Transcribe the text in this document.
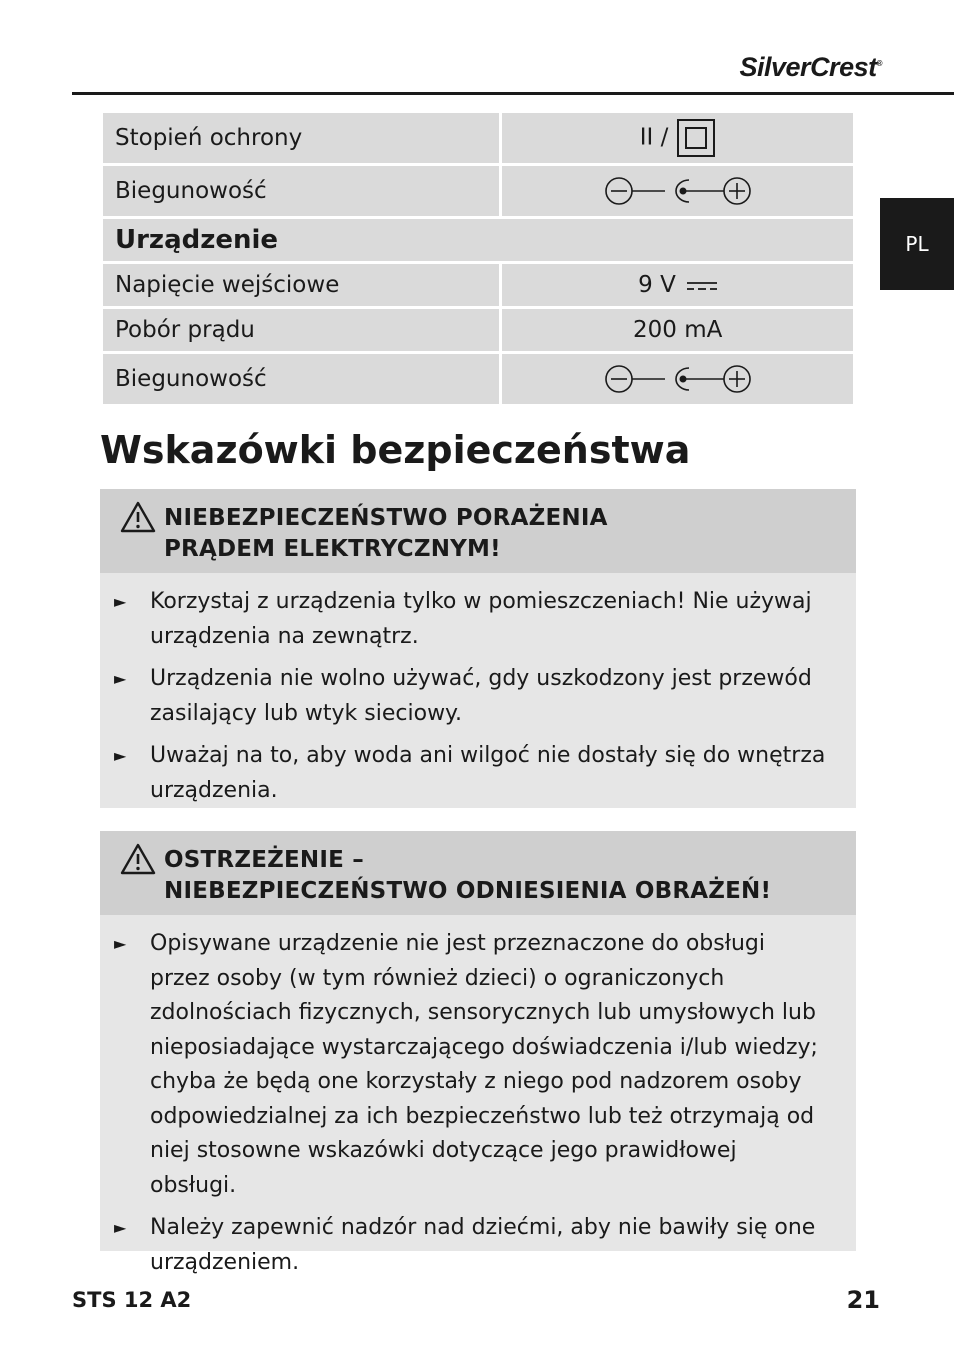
SilverCrest®
PL
Stopień ochrony	II /
Biegunowość	
Urządzenie	
Napięcie wejściowe	9 V
Pobór prądu	200 mA
Biegunowość	
Wskazówki bezpieczeństwa
NIEBEZPIECZEŃSTWO PORAŻENIA
PRĄDEM ELEKTRYCZNYM!
► Korzystaj z urządzenia tylko w pomieszczeniach! Nie używaj urządzenia na zewnątrz.
► Urządzenia nie wolno używać, gdy uszkodzony jest przewód zasilający lub wtyk sieciowy.
► Uważaj na to, aby woda ani wilgoć nie dostały się do wnętrza urządzenia.
OSTRZEŻENIE –
NIEBEZPIECZEŃSTWO ODNIESIENIA OBRAŻEŃ!
► Opisywane urządzenie nie jest przeznaczone do obsługi przez osoby (w tym również dzieci) o ograniczonych zdolnościach fizycznych, sensorycznych lub umysłowych lub nieposiadające wystarczającego doświadczenia i/lub wiedzy; chyba że będą one korzystały z niego pod nadzorem osoby odpowiedzialnej za ich bezpieczeństwo lub też otrzymają od niej stosowne wskazówki dotyczące jego prawidłowej obsługi.
► Należy zapewnić nadzór nad dziećmi, aby nie bawiły się one urządzeniem.
STS 12 A2	21
